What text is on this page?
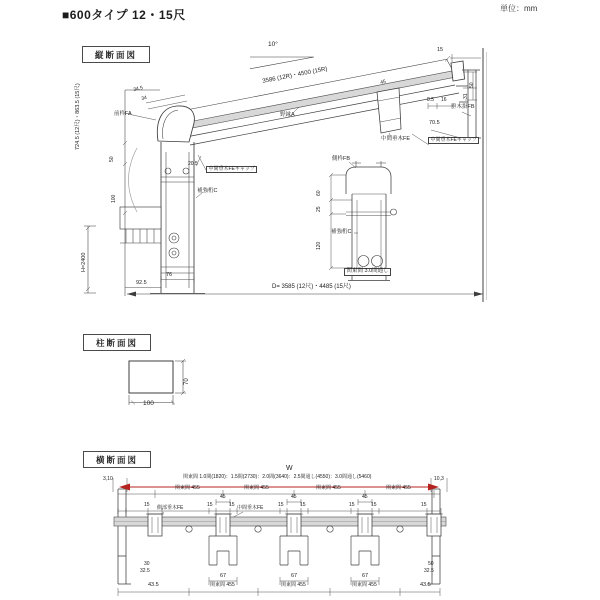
■600タイプ 12・15尺	単位：mm
縦断面図
柱断面図
横断面図
10°
15
3586 (12R)・4500 (15R)
34.5
34
前枠FA
45
野縁A
中間垂木FE	中間垂木FEキャップ
垂木掛FB
50
31
8.5 16
70.5
724.5 (12尺)・863.5 (15尺)
50
100
H=2400
20.5
中間垂木FEキャップ
92.5
76
D= 3585 (12尺)・4485 (15尺)
側枠FB
60
25
120
補強桁C
関東間 3.0間通し
補強桁C
70
100
W
関東間 1.0間(1820)：1.5間(2730)：2.0間(3640)：2.5間通し(4550)：3.0間通し(5460)
3,10	10,3
関東間 455	関東間 455	関東間 455	関東間 455
45	45	45
15	15	15	15	15	15	15	15
側部垂木FE	中間垂木FE
30
32.5
50
32.5
67	67	67
43.5	関東間 455	関東間 455	関東間 455	43.5
